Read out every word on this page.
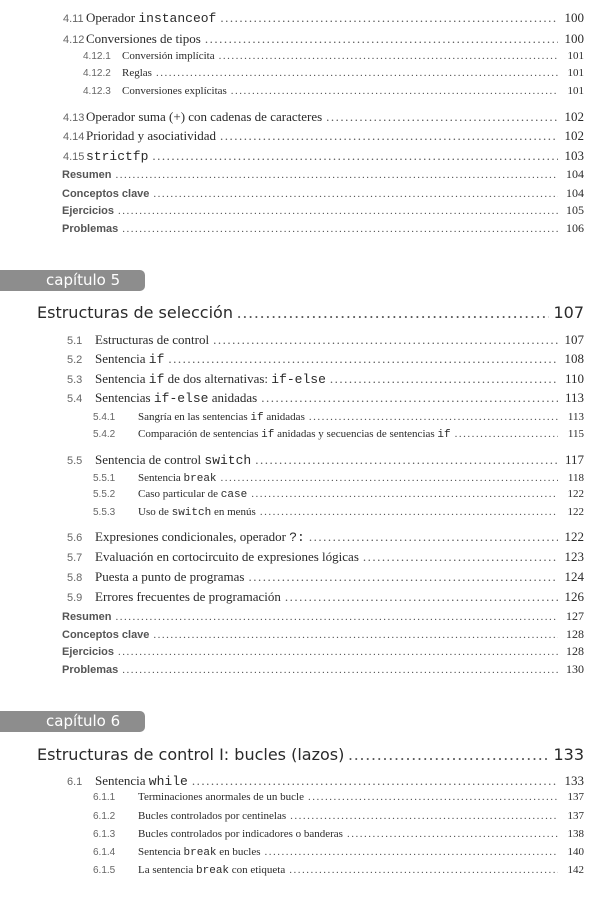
4.11 Operador instanceof .....	100
4.12 Conversiones de tipos .....	100
4.12.1	Conversión implícita .....	101
4.12.2	Reglas .....	101
4.12.3	Conversiones explícitas .....	101
4.13 Operador suma (+) con cadenas de caracteres .....	102
4.14 Prioridad y asociatividad .....	102
4.15 strictfp .....	103
Resumen .....	104
Conceptos clave .....	104
Ejercicios .....	105
Problemas .....	106
capítulo 5
Estructuras de selección .....	107
5.1 Estructuras de control .....	107
5.2 Sentencia if .....	108
5.3 Sentencia if de dos alternativas: if-else .....	110
5.4 Sentencias if-else anidadas .....	113
5.4.1	Sangría en las sentencias if anidadas .....	113
5.4.2	Comparación de sentencias if anidadas y secuencias de sentencias if .....	115
5.5 Sentencia de control switch .....	117
5.5.1	Sentencia break .....	118
5.5.2	Caso particular de case .....	122
5.5.3	Uso de switch en menús .....	122
5.6 Expresiones condicionales, operador ?: .....	122
5.7 Evaluación en cortocircuito de expresiones lógicas .....	123
5.8 Puesta a punto de programas .....	124
5.9 Errores frecuentes de programación .....	126
Resumen .....	127
Conceptos clave .....	128
Ejercicios .....	128
Problemas .....	130
capítulo 6
Estructuras de control I: bucles (lazos) .....	133
6.1 Sentencia while .....	133
6.1.1	Terminaciones anormales de un bucle .....	137
6.1.2	Bucles controlados por centinelas .....	137
6.1.3	Bucles controlados por indicadores o banderas .....	138
6.1.4	Sentencia break en bucles .....	140
6.1.5	La sentencia break con etiqueta .....	142
